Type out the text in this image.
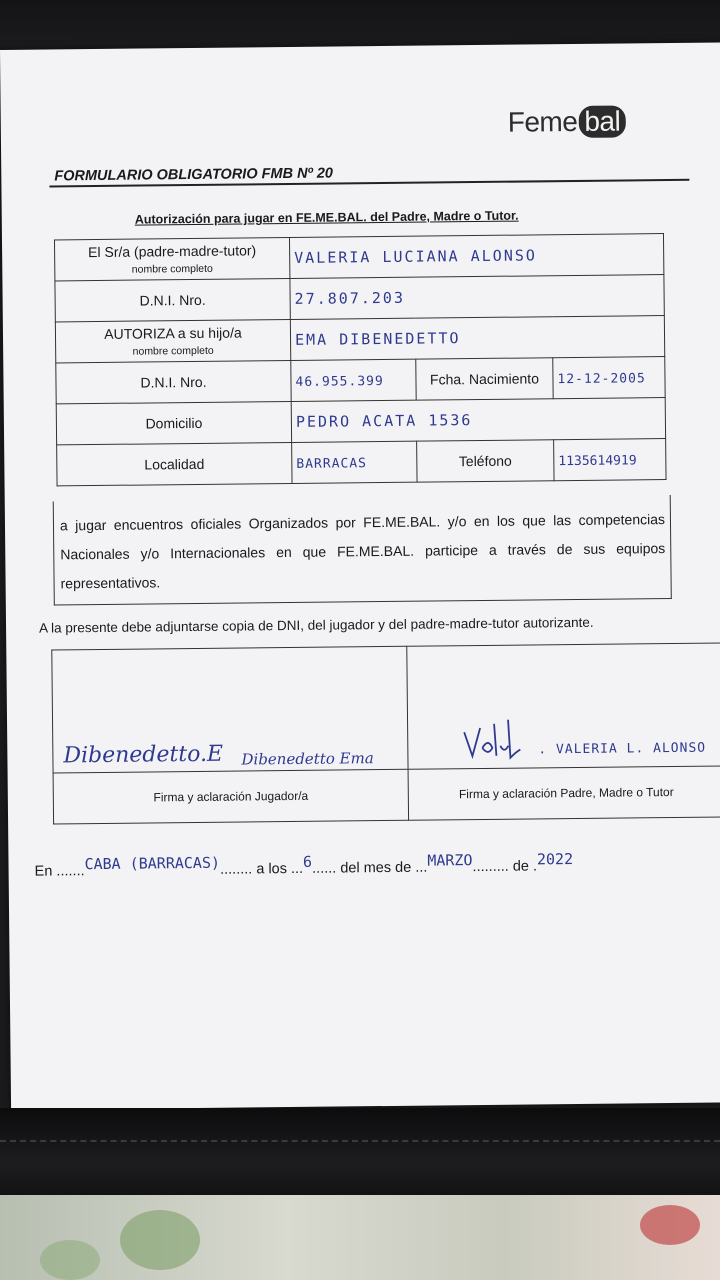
Feme bal
FORMULARIO OBLIGATORIO FMB Nº 20
Autorización para jugar en FE.ME.BAL. del Padre, Madre o Tutor.
El Sr/a (padre-madre-tutor)
nombre completo	VALERIA LUCIANA ALONSO		
D.N.I. Nro.	27.807.203		
AUTORIZA a su hijo/a
nombre completo	EMA DIBENEDETTO		
D.N.I. Nro.	46.955.399	Fcha. Nacimiento	12-12-2005
Domicilio	PEDRO ACATA 1536		
Localidad	BARRACAS	Teléfono	1135614919
a jugar encuentros oficiales Organizados por FE.ME.BAL. y/o en los que las competencias Nacionales y/o Internacionales en que FE.ME.BAL. participe a través de sus equipos representativos.
A la presente debe adjuntarse copia de DNI, del jugador y del padre-madre-tutor autorizante.
Dibenedetto.E Dibenedetto Ema	. VALERIA L. ALONSO

Firma y aclaración Jugador/a	Firma y aclaración Padre, Madre o Tutor
En .......CABA (BARRACAS)........ a los ...6...... del mes de ...MARZO......... de .2022
